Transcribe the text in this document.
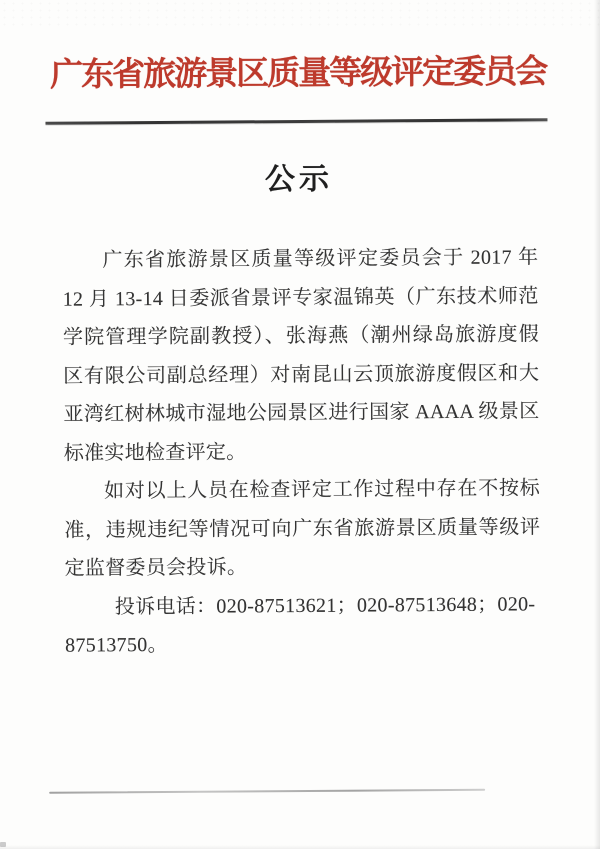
广东省旅游景区质量等级评定委员会
公示

广东省旅游景区质量等级评定委员会于 2017 年 12 月 13-14 日委派省景评专家温锦英（广东技术师范学院管理学院副教授）、张海燕（潮州绿岛旅游度假区有限公司副总经理）对南昆山云顶旅游度假区和大亚湾红树林城市湿地公园景区进行国家 AAAA 级景区标准实地检查评定。

如对以上人员在检查评定工作过程中存在不按标准，违规违纪等情况可向广东省旅游景区质量等级评定监督委员会投诉。

投诉电话：020-87513621；020-87513648；020-87513750。
